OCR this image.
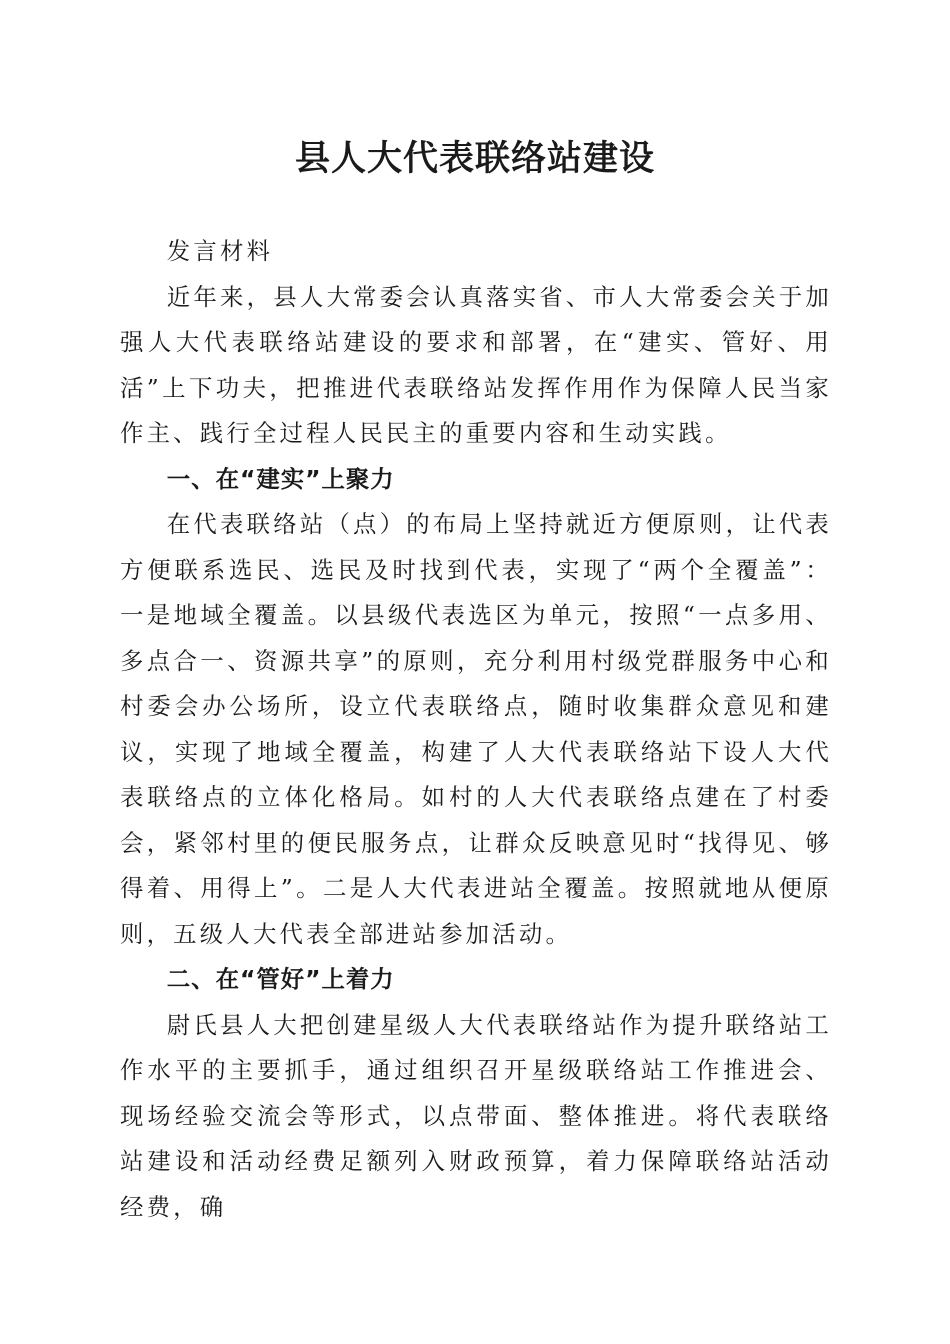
县人大代表联络站建设

发言材料

近年来，县人大常委会认真落实省、市人大常委会关于加强人大代表联络站建设的要求和部署，在“建实、管好、用活”上下功夫，把推进代表联络站发挥作用作为保障人民当家作主、践行全过程人民民主的重要内容和生动实践。

一、在“建实”上聚力

在代表联络站（点）的布局上坚持就近方便原则，让代表方便联系选民、选民及时找到代表，实现了“两个全覆盖”：一是地域全覆盖。以县级代表选区为单元，按照“一点多用、多点合一、资源共享”的原则，充分利用村级党群服务中心和村委会办公场所，设立代表联络点，随时收集群众意见和建议，实现了地域全覆盖，构建了人大代表联络站下设人大代表联络点的立体化格局。如村的人大代表联络点建在了村委会，紧邻村里的便民服务点，让群众反映意见时“找得见、够得着、用得上”。二是人大代表进站全覆盖。按照就地从便原则，五级人大代表全部进站参加活动。

二、在“管好”上着力

尉氏县人大把创建星级人大代表联络站作为提升联络站工作水平的主要抓手，通过组织召开星级联络站工作推进会、现场经验交流会等形式，以点带面、整体推进。将代表联络站建设和活动经费足额列入财政预算，着力保障联络站活动经费，确
